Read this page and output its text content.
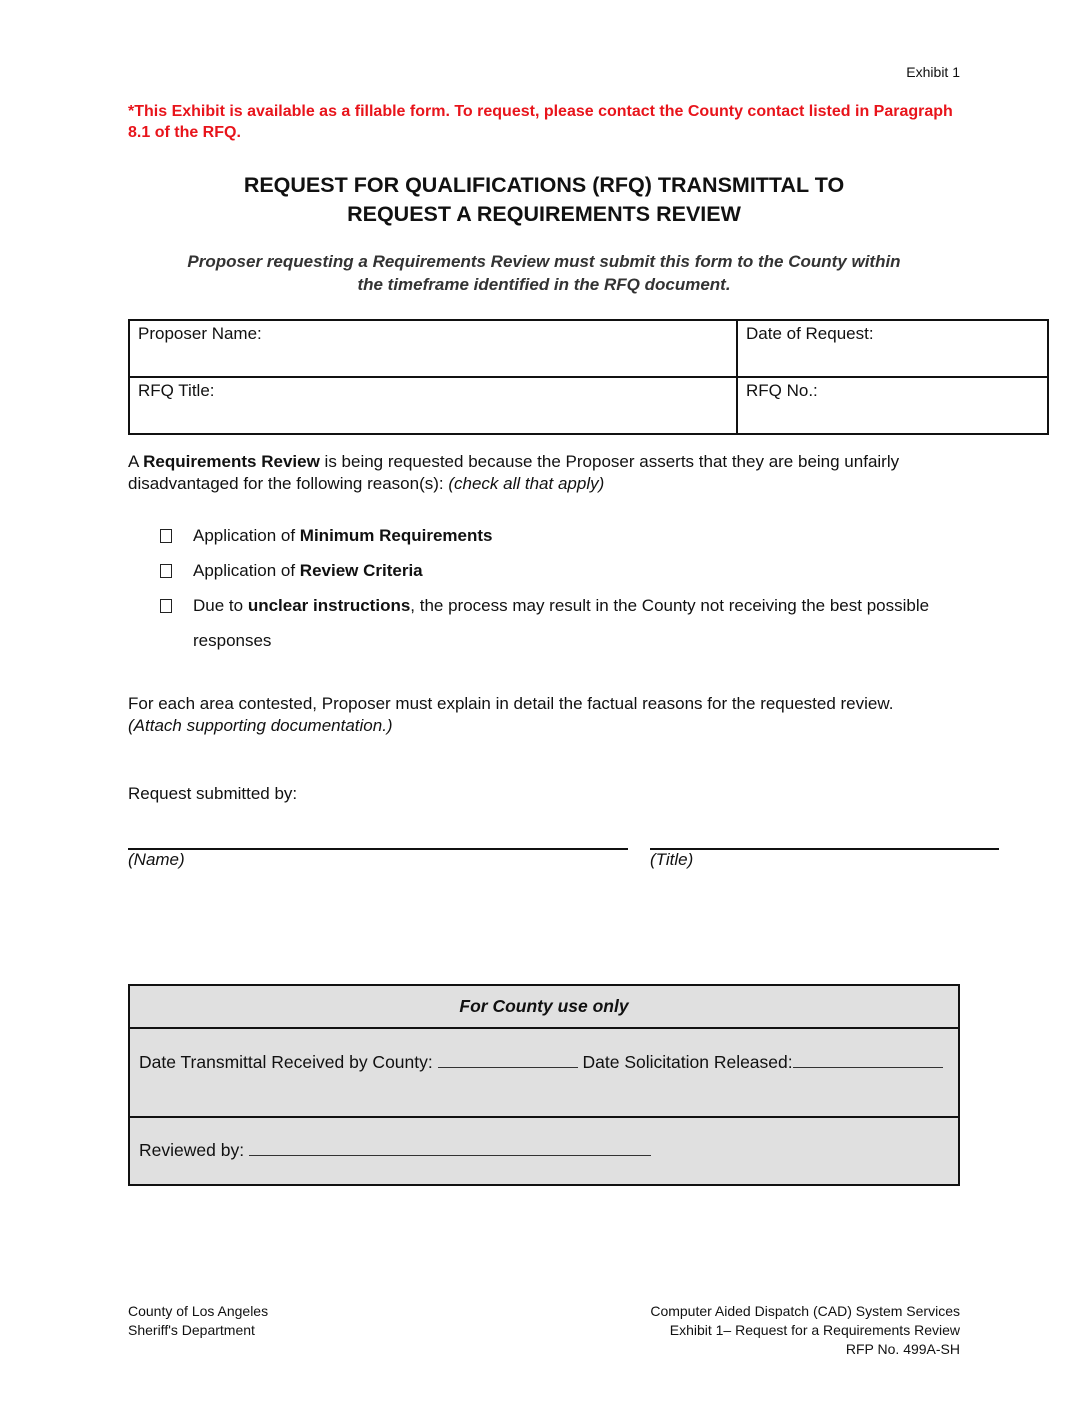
Exhibit 1
*This Exhibit is available as a fillable form. To request, please contact the County contact listed in Paragraph 8.1 of the RFQ.
REQUEST FOR QUALIFICATIONS (RFQ) TRANSMITTAL TO
REQUEST A REQUIREMENTS REVIEW
Proposer requesting a Requirements Review must submit this form to the County within
the timeframe identified in the RFQ document.
Proposer Name:	Date of Request:
RFQ Title:	RFQ No.:
A Requirements Review is being requested because the Proposer asserts that they are being unfairly disadvantaged for the following reason(s): (check all that apply)
Application of Minimum Requirements
Application of Review Criteria
Due to unclear instructions, the process may result in the County not receiving the best possible responses
For each area contested, Proposer must explain in detail the factual reasons for the requested review.
(Attach supporting documentation.)
Request submitted by:
(Name)	(Title)
For County use only
Date Transmittal Received by County:	Date Solicitation Released:
Reviewed by:
County of Los Angeles
Sheriff's Department
Computer Aided Dispatch (CAD) System Services
Exhibit 1– Request for a Requirements Review
RFP No. 499A-SH
